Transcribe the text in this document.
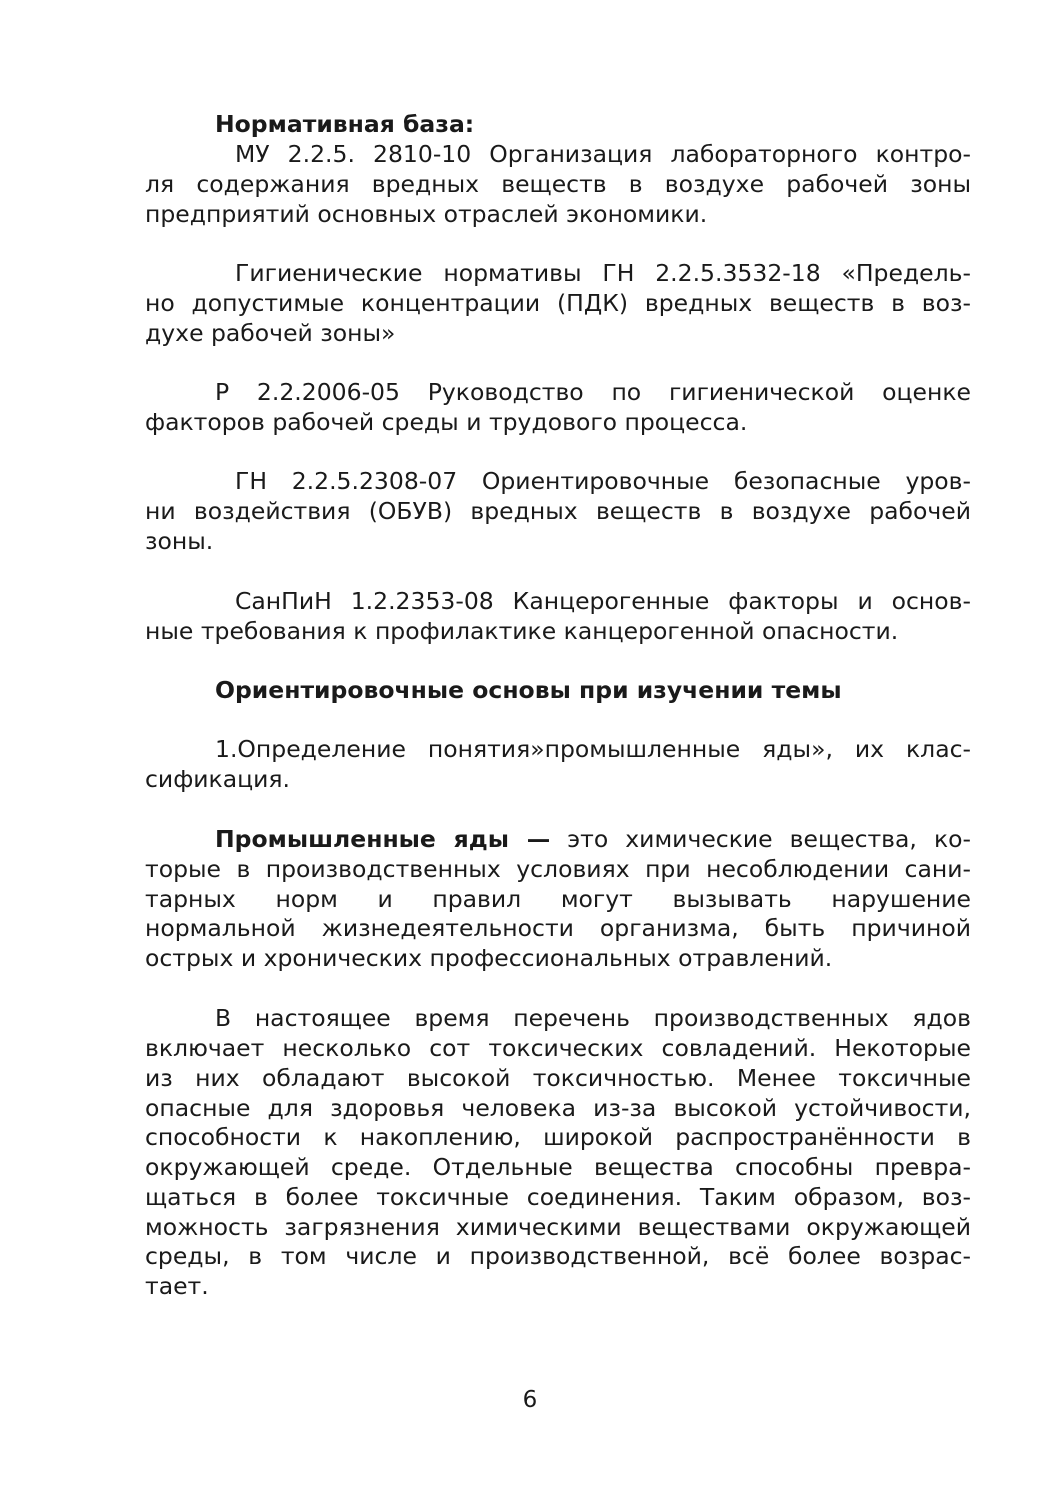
Нормативная база:
МУ 2.2.5. 2810-10 Организация лабораторного контро-
ля содержания вредных веществ в воздухе рабочей зоны
предприятий основных отраслей экономики.
Гигиенические нормативы ГН 2.2.5.3532-18 «Предель-
но допустимые концентрации (ПДК) вредных веществ в воз-
духе рабочей зоны»
Р 2.2.2006-05 Руководство по гигиенической оценке
факторов рабочей среды и трудового процесса.
ГН 2.2.5.2308-07 Ориентировочные безопасные уров-
ни воздействия (ОБУВ) вредных веществ в воздухе рабочей
зоны.
СанПиН 1.2.2353-08 Канцерогенные факторы и основ-
ные требования к профилактике канцерогенной опасности.
Ориентировочные основы при изучении темы
1.Определение понятия»промышленные яды», их клас-
сификация.
Промышленные яды — это химические вещества, ко-
торые в производственных условиях при несоблюдении сани-
тарных норм и правил могут вызывать нарушение
нормальной жизнедеятельности организма, быть причиной
острых и хронических профессиональных отравлений.
В настоящее время перечень производственных ядов
включает несколько сот токсических совладений. Некоторые
из них обладают высокой токсичностью. Менее токсичные
опасные для здоровья человека из-за высокой устойчивости,
способности к накоплению, широкой распространённости в
окружающей среде. Отдельные вещества способны превра-
щаться в более токсичные соединения. Таким образом, воз-
можность загрязнения химическими веществами окружающей
среды, в том числе и производственной, всё более возрас-
тает.
6
